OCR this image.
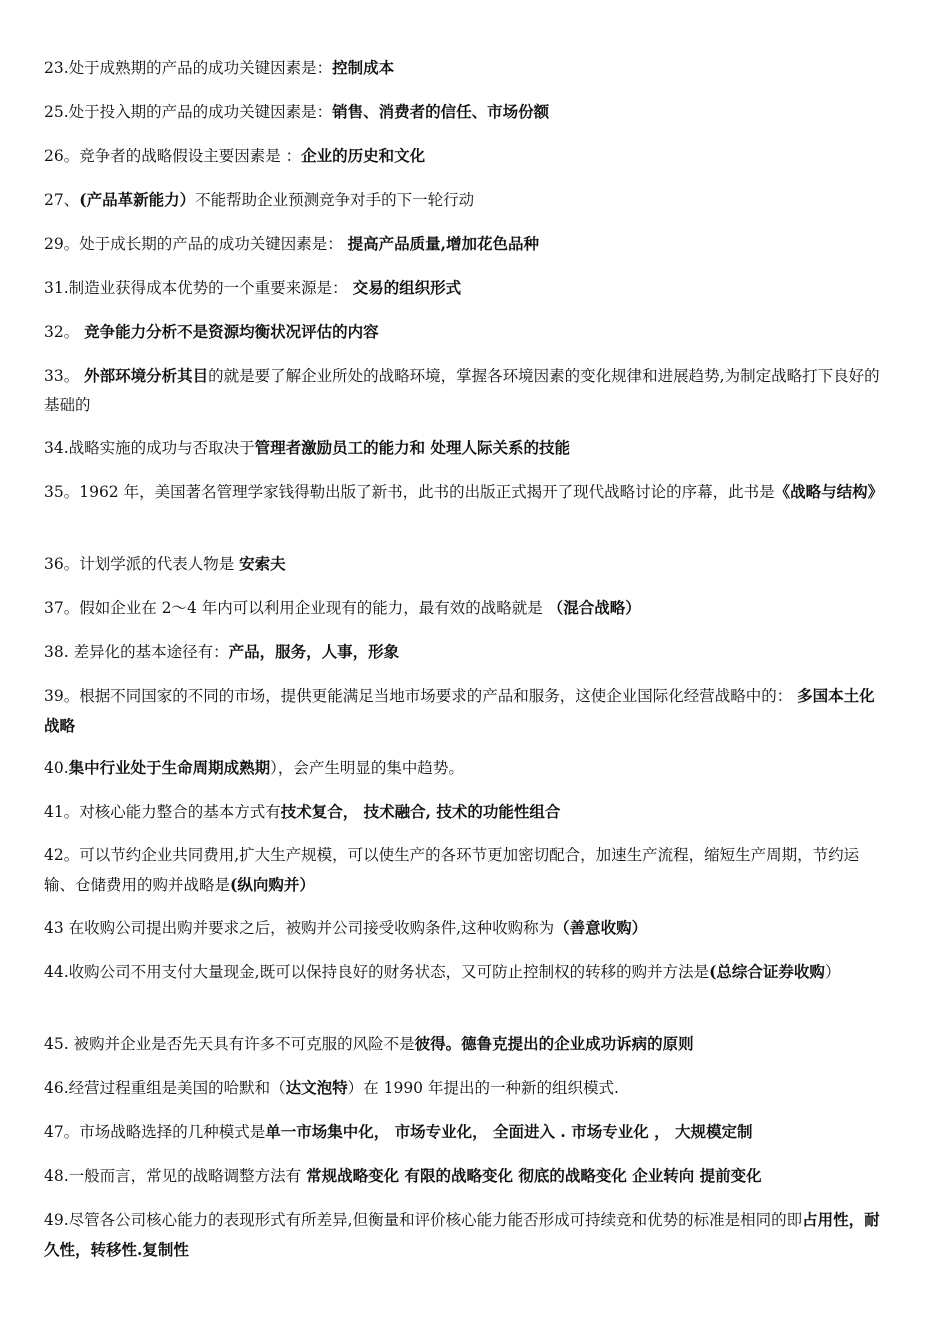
23.处于成熟期的产品的成功关键因素是：控制成本

25.处于投入期的产品的成功关键因素是：销售、消费者的信任、市场份额

26。竞争者的战略假设主要因素是 ：企业的历史和文化

27、(产品革新能力）不能帮助企业预测竞争对手的下一轮行动

29。处于成长期的产品的成功关键因素是： 提高产品质量,增加花色品种

31.制造业获得成本优势的一个重要来源是： 交易的组织形式

32。 竞争能力分析不是资源均衡状况评估的内容

33。 外部环境分析其目的就是要了解企业所处的战略环境，掌握各环境因素的变化规律和进展趋势,为制定战略打下良好的基础的

34.战略实施的成功与否取决于管理者激励员工的能力和 处理人际关系的技能

35。1962 年，美国著名管理学家钱得勒出版了新书，此书的出版正式揭开了现代战略讨论的序幕，此书是《战略与结构》

36。计划学派的代表人物是 安索夫

37。假如企业在 2～4 年内可以利用企业现有的能力，最有效的战略就是 （混合战略）

38. 差异化的基本途径有：产品，服务，人事，形象

39。根据不同国家的不同的市场，提供更能满足当地市场要求的产品和服务，这使企业国际化经营战略中的： 多国本土化战略

40.集中行业处于生命周期成熟期），会产生明显的集中趋势。

41。对核心能力整合的基本方式有技术复合， 技术融合, 技术的功能性组合

42。可以节约企业共同费用,扩大生产规模，可以使生产的各环节更加密切配合，加速生产流程，缩短生产周期，节约运输、仓储费用的购并战略是(纵向购并）

43 在收购公司提出购并要求之后，被购并公司接受收购条件,这种收购称为（善意收购）

44.收购公司不用支付大量现金,既可以保持良好的财务状态，又可防止控制权的转移的购并方法是(总综合证券收购）

45. 被购并企业是否先天具有许多不可克服的风险不是彼得。德鲁克提出的企业成功诉病的原则

46.经营过程重组是美国的哈默和（达文泡特）在 1990 年提出的一种新的组织模式.

47。市场战略选择的几种模式是单一市场集中化， 市场专业化， 全面进入 . 市场专业化 ， 大规模定制

48.一般而言，常见的战略调整方法有 常规战略变化 有限的战略变化 彻底的战略变化 企业转向 提前变化

49.尽管各公司核心能力的表现形式有所差异,但衡量和评价核心能力能否形成可持续竞和优势的标准是相同的即占用性，耐久性，转移性.复制性
